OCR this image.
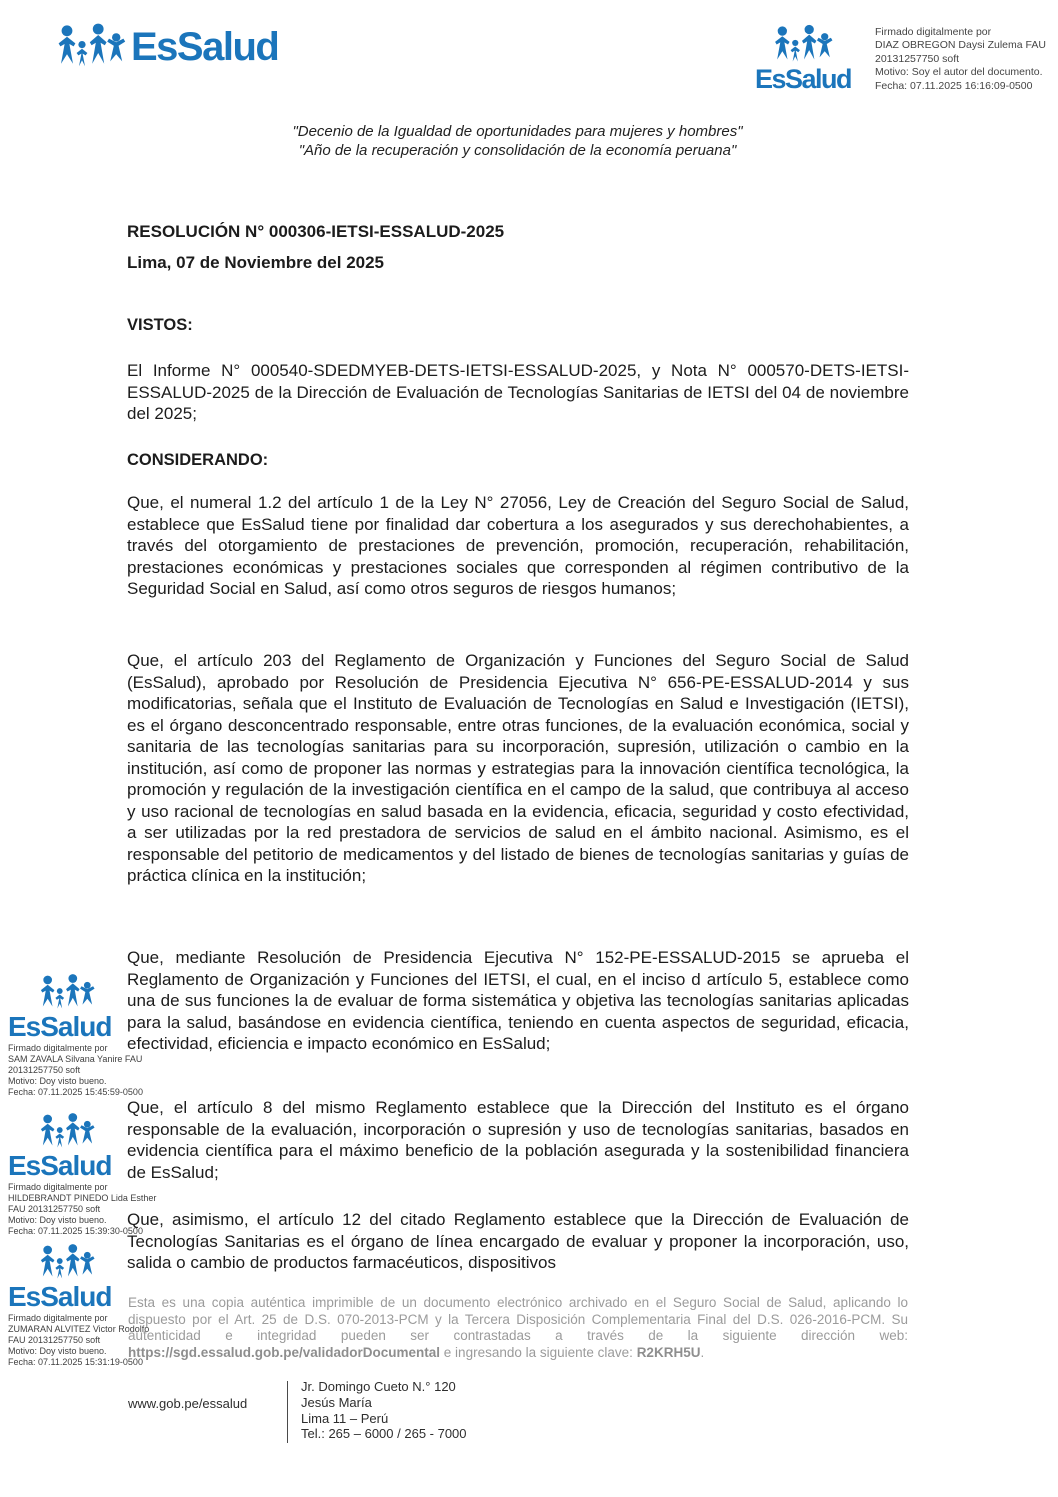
EsSalud
EsSalud
Firmado digitalmente por
DIAZ OBREGON Daysi Zulema FAU
20131257750 soft
Motivo: Soy el autor del documento.
Fecha: 07.11.2025 16:16:09-0500
"Decenio de la Igualdad de oportunidades para mujeres y hombres"
"Año de la recuperación y consolidación de la economía peruana"
RESOLUCIÓN N° 000306-IETSI-ESSALUD-2025
Lima, 07 de Noviembre del 2025
VISTOS:

El Informe N° 000540-SDEDMYEB-DETS-IETSI-ESSALUD-2025, y Nota N° 000570-DETS-IETSI-ESSALUD-2025 de la Dirección de Evaluación de Tecnologías Sanitarias de IETSI del 04 de noviembre del 2025;

CONSIDERANDO:

Que, el numeral 1.2 del artículo 1 de la Ley N° 27056, Ley de Creación del Seguro Social de Salud, establece que EsSalud tiene por finalidad dar cobertura a los asegurados y sus derechohabientes, a través del otorgamiento de prestaciones de prevención, promoción, recuperación, rehabilitación, prestaciones económicas y prestaciones sociales que corresponden al régimen contributivo de la Seguridad Social en Salud, así como otros seguros de riesgos humanos;

Que, el artículo 203 del Reglamento de Organización y Funciones del Seguro Social de Salud (EsSalud), aprobado por Resolución de Presidencia Ejecutiva N° 656-PE-ESSALUD-2014 y sus modificatorias, señala que el Instituto de Evaluación de Tecnologías en Salud e Investigación (IETSI), es el órgano desconcentrado responsable, entre otras funciones, de la evaluación económica, social y sanitaria de las tecnologías sanitarias para su incorporación, supresión, utilización o cambio en la institución, así como de proponer las normas y estrategias para la innovación científica tecnológica, la promoción y regulación de la investigación científica en el campo de la salud, que contribuya al acceso y uso racional de tecnologías en salud basada en la evidencia, eficacia, seguridad y costo efectividad, a ser utilizadas por la red prestadora de servicios de salud en el ámbito nacional. Asimismo, es el responsable del petitorio de medicamentos y del listado de bienes de tecnologías sanitarias y guías de práctica clínica en la institución;

Que, mediante Resolución de Presidencia Ejecutiva N° 152-PE-ESSALUD-2015 se aprueba el Reglamento de Organización y Funciones del IETSI, el cual, en el inciso d artículo 5, establece como una de sus funciones la de evaluar de forma sistemática y objetiva las tecnologías sanitarias aplicadas para la salud, basándose en evidencia científica, teniendo en cuenta aspectos de seguridad, eficacia, efectividad, eficiencia e impacto económico en EsSalud;

Que, el artículo 8 del mismo Reglamento establece que la Dirección del Instituto es el órgano responsable de la evaluación, incorporación o supresión y uso de tecnologías sanitarias, basados en evidencia científica para el máximo beneficio de la población asegurada y la sostenibilidad financiera de EsSalud;

Que, asimismo, el artículo 12 del citado Reglamento establece que la Dirección de Evaluación de Tecnologías Sanitarias es el órgano de línea encargado de evaluar y proponer la incorporación, uso, salida o cambio de productos farmacéuticos, dispositivos

EsSalud
Firmado digitalmente por
SAM ZAVALA Silvana Yanire FAU
20131257750 soft
Motivo: Doy visto bueno.
Fecha: 07.11.2025 15:45:59-0500
EsSalud
Firmado digitalmente por
HILDEBRANDT PINEDO Lida Esther
FAU 20131257750 soft
Motivo: Doy visto bueno.
Fecha: 07.11.2025 15:39:30-0500
EsSalud
Firmado digitalmente por
ZUMARAN ALVITEZ Victor Rodolfo
FAU 20131257750 soft
Motivo: Doy visto bueno.
Fecha: 07.11.2025 15:31:19-0500

Esta es una copia auténtica imprimible de un documento electrónico archivado en el Seguro Social de Salud, aplicando lo dispuesto por el Art. 25 de D.S. 070-2013-PCM y la Tercera Disposición Complementaria Final del D.S. 026-2016-PCM. Su autenticidad e integridad pueden ser contrastadas a través de la siguiente dirección web: https://sgd.essalud.gob.pe/validadorDocumental e ingresando la siguiente clave: R2KRH5U.

www.gob.pe/essalud
Jr. Domingo Cueto N.° 120
Jesús María
Lima 11 – Perú
Tel.: 265 – 6000 / 265 - 7000
